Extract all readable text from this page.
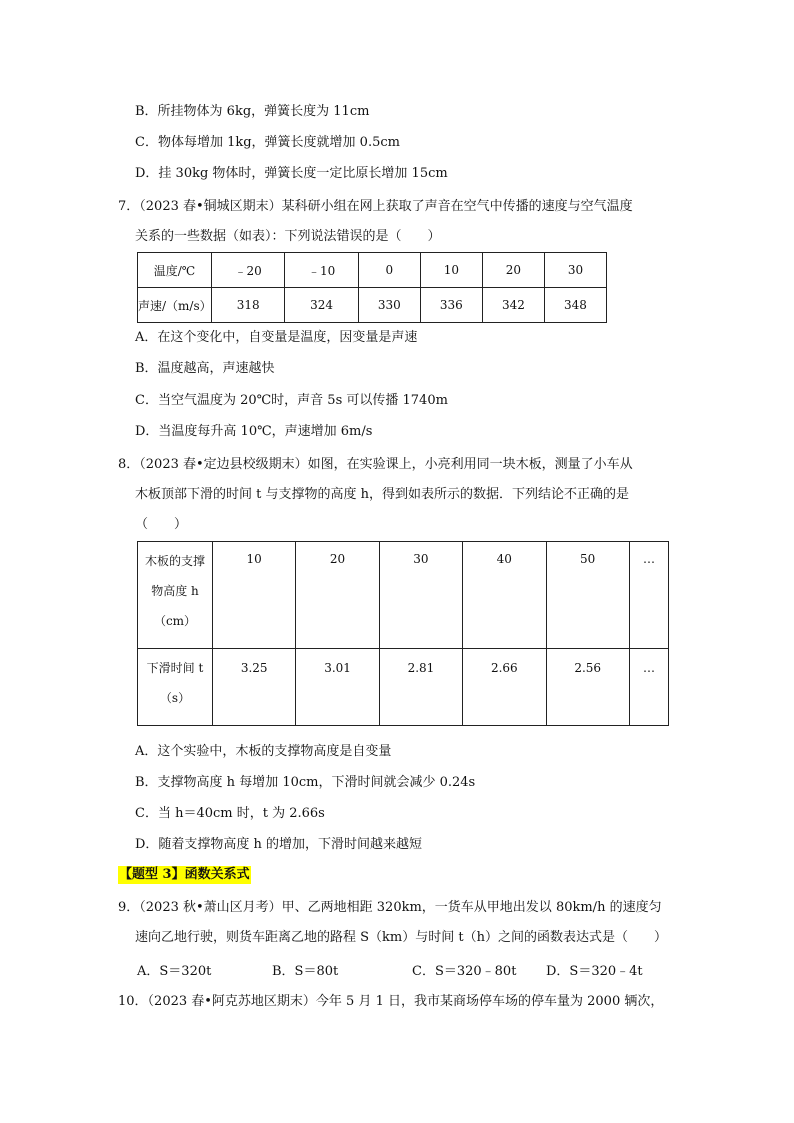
B．所挂物体为 6kg，弹簧长度为 11cm
C．物体每增加 1kg，弹簧长度就增加 0.5cm
D．挂 30kg 物体时，弹簧长度一定比原长增加 15cm
7．（2023 春•铜城区期末）某科研小组在网上获取了声音在空气中传播的速度与空气温度
关系的一些数据（如表）：下列说法错误的是（　　）
温度/℃	﹣20	﹣10	0	10	20	30
声速/（m/s）	318	324	330	336	342	348
A．在这个变化中，自变量是温度，因变量是声速
B．温度越高，声速越快
C．当空气温度为 20℃时，声音 5s 可以传播 1740m
D．当温度每升高 10℃，声速增加 6m/s
8．（2023 春•定边县校级期末）如图，在实验课上，小亮利用同一块木板，测量了小车从
木板顶部下滑的时间 t 与支撑物的高度 h，得到如表所示的数据．下列结论不正确的是
（　　）
木板的支撑
物高度 h
（cm）	10	20	30	40	50	…

下滑时间 t
（s）	3.25	3.01	2.81	2.66	2.56	…
A．这个实验中，木板的支撑物高度是自变量
B．支撑物高度 h 每增加 10cm，下滑时间就会减少 0.24s
C．当 h＝40cm 时，t 为 2.66s
D．随着支撑物高度 h 的增加，下滑时间越来越短
【题型 3】函数关系式
9．（2023 秋•萧山区月考）甲、乙两地相距 320km，一货车从甲地出发以 80km/h 的速度匀
速向乙地行驶，则货车距离乙地的路程 S（km）与时间 t（h）之间的函数表达式是（　　）
A．S＝320t	B．S＝80t	C．S＝320﹣80t D．S＝320﹣4t
10．（2023 春•阿克苏地区期末）今年 5 月 1 日，我市某商场停车场的停车量为 2000 辆次，
